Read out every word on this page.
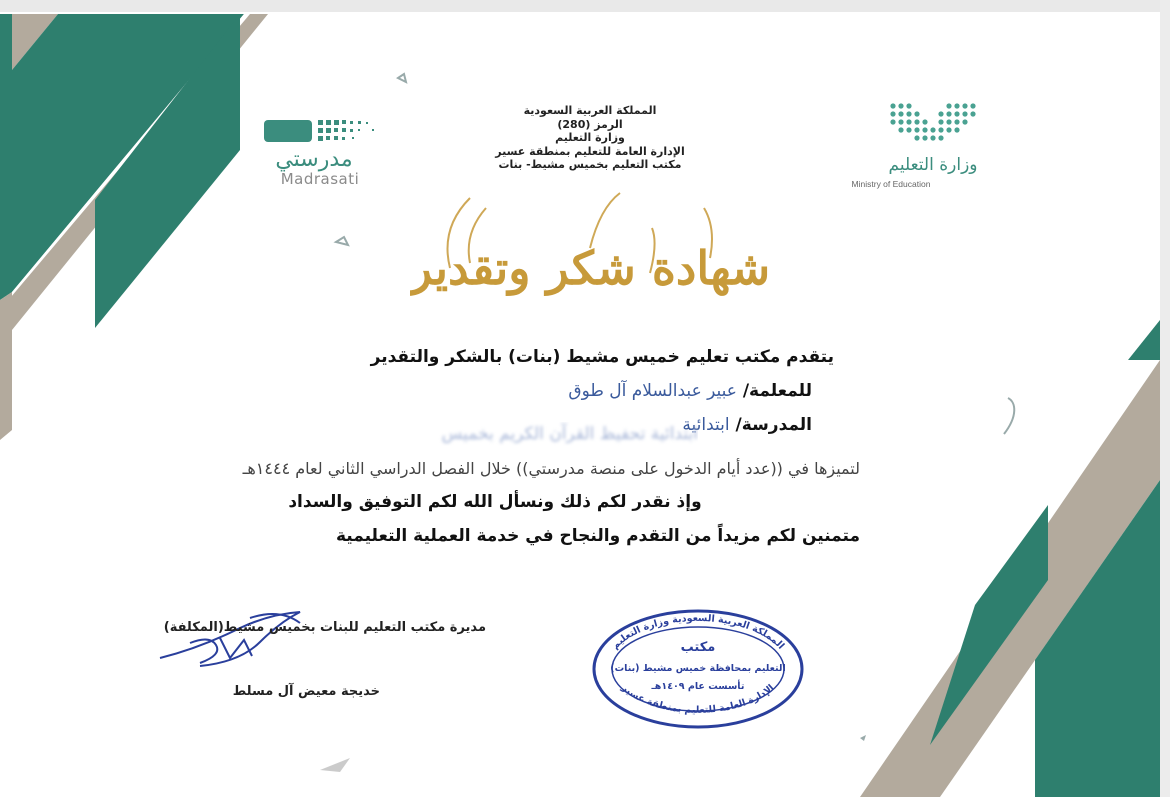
المملكة العربية السعودية
الرمز (280)
وزارة التعليم
الإدارة العامة للتعليم بمنطقة عسير
مكتب التعليم بخميس مشيط- بنات	وزارة التعليم
Ministry of Education
مدرستي
Madrasati
شهادة شكر وتقدير
يتقدم مكتب تعليم خميس مشيط (بنات) بالشكر والتقدير
للمعلمة/ عبير عبدالسلام آل طوق
المدرسة/ ابتدائية
ابتدائية تحفيظ القرآن الكريم بخميس
لتميزها في ((عدد أيام الدخول على منصة مدرستي)) خلال الفصل الدراسي الثاني لعام ١٤٤٤هـ
وإذ نقدر لكم ذلك ونسأل الله لكم التوفيق والسداد
متمنين لكم مزيداً من التقدم والنجاح في خدمة العملية التعليمية
مديرة مكتب التعليم للبنات بخميس مشيط(المكلفة)
خديجة معيض آل مسلط
المملكة العربية السعودية وزارة التعليم
الإدارة العامة للتعليم بمنطقة عسير
مكتب
التعليم بمحافظة خميس مشيط (بنات)
تأسست عام ١٤٠٩هـ
